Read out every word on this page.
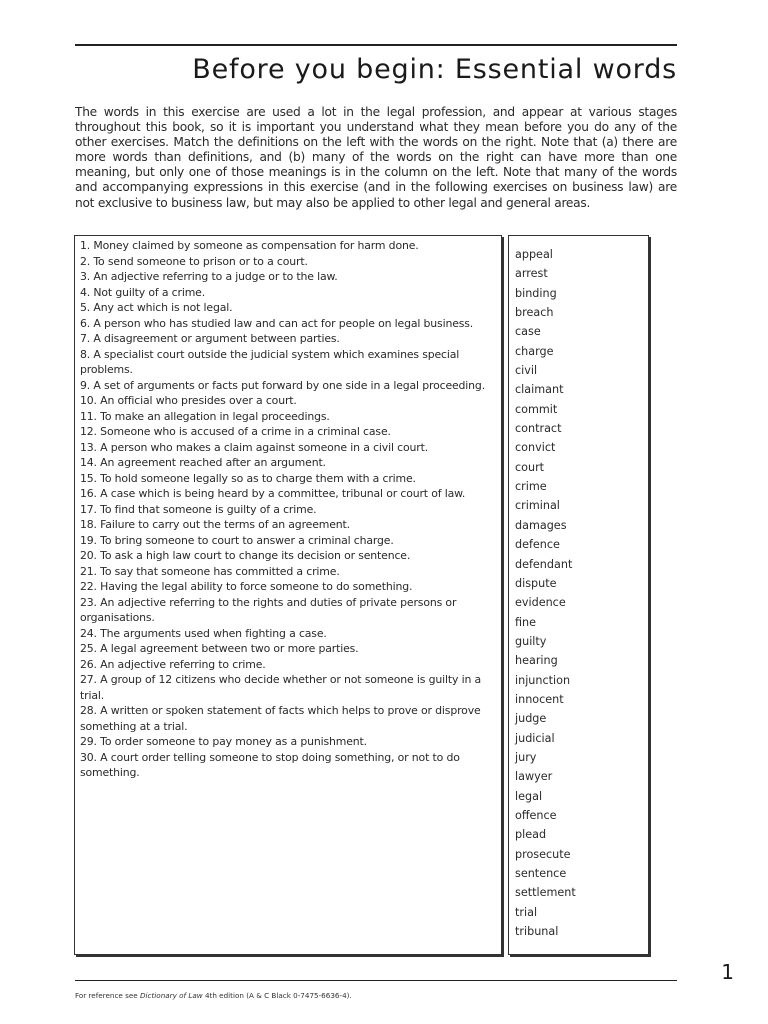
Before you begin: Essential words

The words in this exercise are used a lot in the legal profession, and appear at various stages throughout this book, so it is important you understand what they mean before you do any of the other exercises. Match the definitions on the left with the words on the right. Note that (a) there are more words than definitions, and (b) many of the words on the right can have more than one meaning, but only one of those meanings is in the column on the left. Note that many of the words and accompanying expressions in this exercise (and in the following exercises on business law) are not exclusive to business law, but may also be applied to other legal and general areas.

1. Money claimed by someone as compensation for harm done.
2. To send someone to prison or to a court.
3. An adjective referring to a judge or to the law.
4. Not guilty of a crime.
5. Any act which is not legal.
6. A person who has studied law and can act for people on legal business.
7. A disagreement or argument between parties.
8. A specialist court outside the judicial system which examines special problems.
9. A set of arguments or facts put forward by one side in a legal proceeding.
10. An official who presides over a court.
11. To make an allegation in legal proceedings.
12. Someone who is accused of a crime in a criminal case.
13. A person who makes a claim against someone in a civil court.
14. An agreement reached after an argument.
15. To hold someone legally so as to charge them with a crime.
16. A case which is being heard by a committee, tribunal or court of law.
17. To find that someone is guilty of a crime.
18. Failure to carry out the terms of an agreement.
19. To bring someone to court to answer a criminal charge.
20. To ask a high law court to change its decision or sentence.
21. To say that someone has committed a crime.
22. Having the legal ability to force someone to do something.
23. An adjective referring to the rights and duties of private persons or organisations.
24. The arguments used when fighting a case.
25. A legal agreement between two or more parties.
26. An adjective referring to crime.
27. A group of 12 citizens who decide whether or not someone is guilty in a trial.
28. A written or spoken statement of facts which helps to prove or disprove something at a trial.
29. To order someone to pay money as a punishment.
30. A court order telling someone to stop doing something, or not to do something.
appeal
arrest
binding
breach
case
charge
civil
claimant
commit
contract
convict
court
crime
criminal
damages
defence
defendant
dispute
evidence
fine
guilty
hearing
injunction
innocent
judge
judicial
jury
lawyer
legal
offence
plead
prosecute
sentence
settlement
trial
tribunal
1
For reference see Dictionary of Law 4th edition (A & C Black 0-7475-6636-4).
